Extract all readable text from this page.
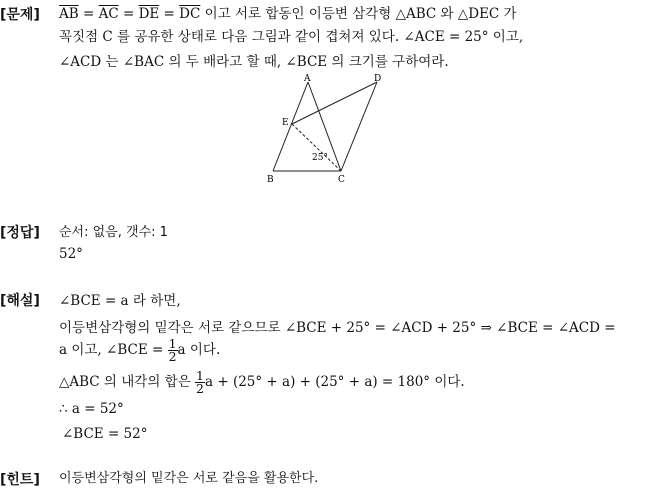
[문제] $\overline{AB} = \overline{AC} = \overline{DE} = \overline{DC}$ 이고 서로 합동인 이등변 삼각형 △ABC 와 △DEC 가
꼭짓점 C 를 공유한 상태로 다음 그림과 같이 겹쳐져 있다. ∠ACE = 25° 이고,
∠ACD 는 ∠BAC 의 두 배라고 할 때, ∠BCE 의 크기를 구하여라.
A	D
E
B	C
25°
[정답] 순서: 없음, 갯수: 1
52°
[해설] ∠BCE = a 라 하면,
이등변삼각형의 밑각은 서로 같으므로 ∠BCE + 25° = ∠ACD + 25° ⇒ ∠BCE = ∠ACD =
a 이고, ∠BCE = $\frac{1}{2}$ a 이다.
△ABC 의 내각의 합은 $\frac{1}{2}$ a + (25° + a) + (25° + a) = 180° 이다.
∴ a = 52°
∠BCE = 52°
[힌트] 이등변삼각형의 밑각은 서로 같음을 활용한다.
